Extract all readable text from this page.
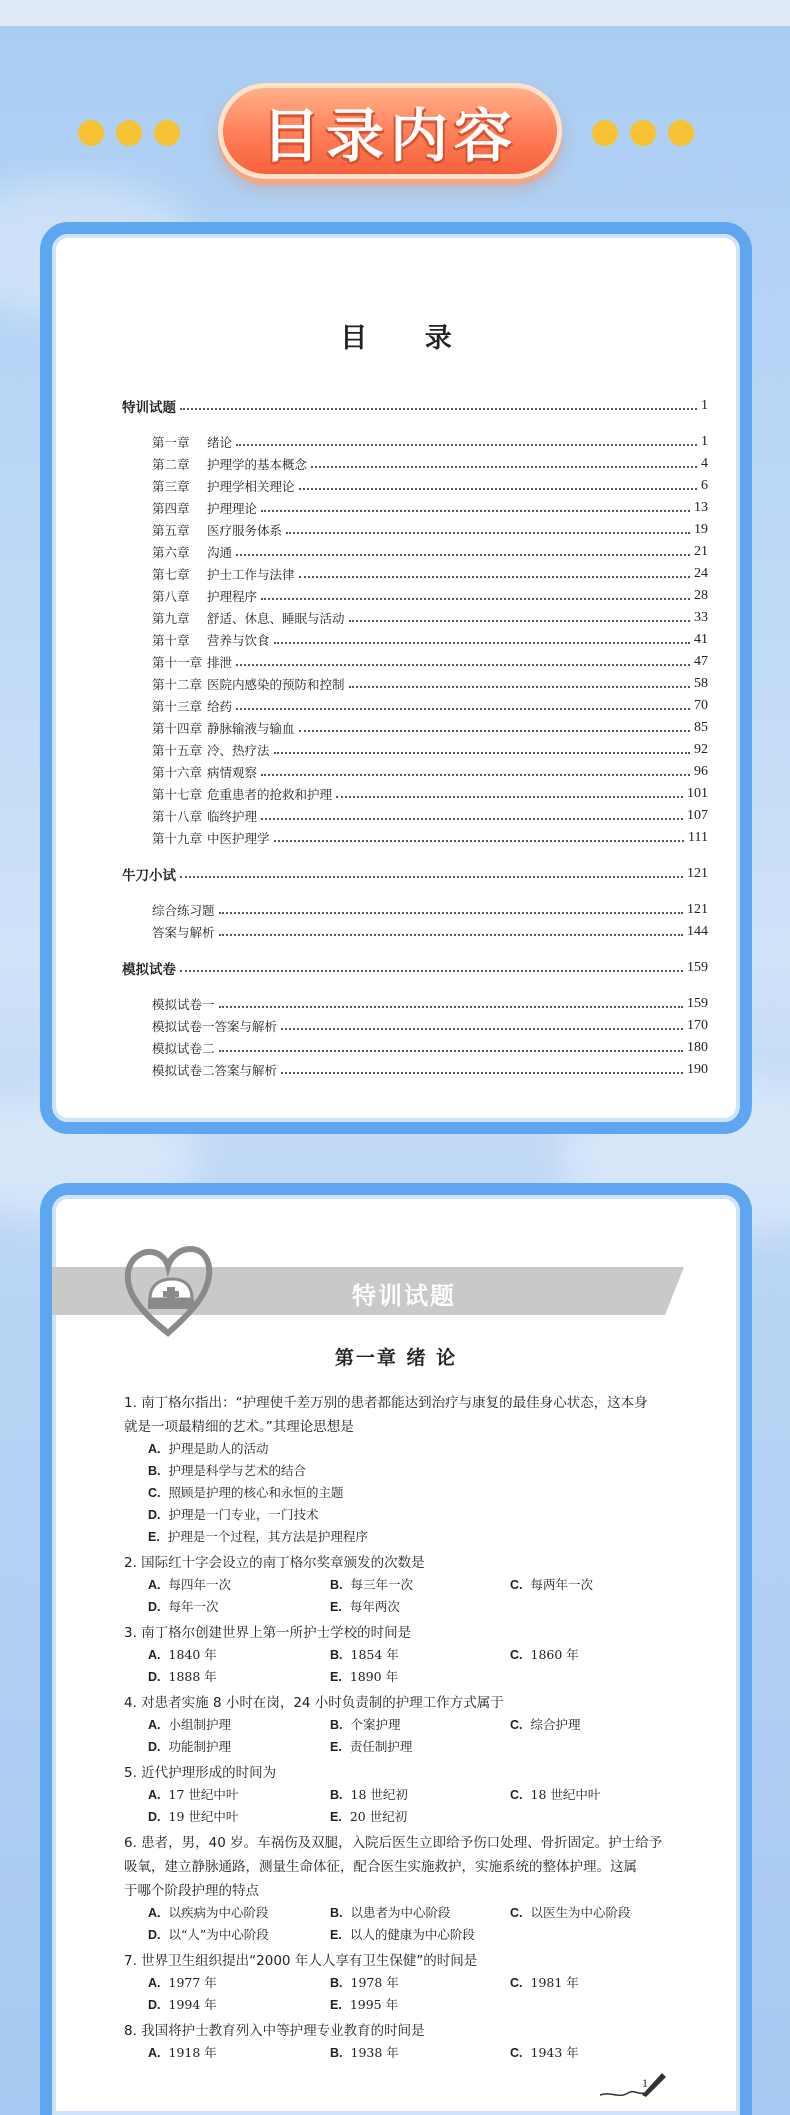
目录内容
目 录
特训试题	1
第一章 绪论	1
第二章 护理学的基本概念	4
第三章 护理学相关理论	6
第四章 护理理论	13
第五章 医疗服务体系	19
第六章 沟通	21
第七章 护士工作与法律	24
第八章 护理程序	28
第九章 舒适、休息、睡眠与活动	33
第十章 营养与饮食	41
第十一章 排泄	47
第十二章 医院内感染的预防和控制	58
第十三章 给药	70
第十四章 静脉输液与输血	85
第十五章 冷、热疗法	92
第十六章 病情观察	96
第十七章 危重患者的抢救和护理	101
第十八章 临终护理	107
第十九章 中医护理学	111
牛刀小试	121
综合练习题	121
答案与解析	144
模拟试卷	159
模拟试卷一	159
模拟试卷一答案与解析	170
模拟试卷二	180
模拟试卷二答案与解析	190
特训试题
第一章 绪 论
1. 南丁格尔指出：“护理使千差万别的患者都能达到治疗与康复的最佳身心状态，这本身
就是一项最精细的艺术。”其理论思想是
A. 护理是助人的活动
B. 护理是科学与艺术的结合
C. 照顾是护理的核心和永恒的主题
D. 护理是一门专业，一门技术
E. 护理是一个过程，其方法是护理程序
2. 国际红十字会设立的南丁格尔奖章颁发的次数是
A. 每四年一次	B. 每三年一次	C. 每两年一次
D. 每年一次	E. 每年两次
3. 南丁格尔创建世界上第一所护士学校的时间是
A. 1840 年	B. 1854 年	C. 1860 年
D. 1888 年	E. 1890 年
4. 对患者实施 8 小时在岗，24 小时负责制的护理工作方式属于
A. 小组制护理	B. 个案护理	C. 综合护理
D. 功能制护理	E. 责任制护理
5. 近代护理形成的时间为
A. 17 世纪中叶	B. 18 世纪初	C. 18 世纪中叶
D. 19 世纪中叶	E. 20 世纪初
6. 患者，男，40 岁。车祸伤及双腿，入院后医生立即给予伤口处理、骨折固定。护士给予
吸氧，建立静脉通路，测量生命体征，配合医生实施救护，实施系统的整体护理。这属
于哪个阶段护理的特点
A. 以疾病为中心阶段	B. 以患者为中心阶段	C. 以医生为中心阶段
D. 以“人”为中心阶段	E. 以人的健康为中心阶段
7. 世界卫生组织提出“2000 年人人享有卫生保健”的时间是
A. 1977 年	B. 1978 年	C. 1981 年
D. 1994 年	E. 1995 年
8. 我国将护士教育列入中等护理专业教育的时间是
A. 1918 年	B. 1938 年	C. 1943 年
1
